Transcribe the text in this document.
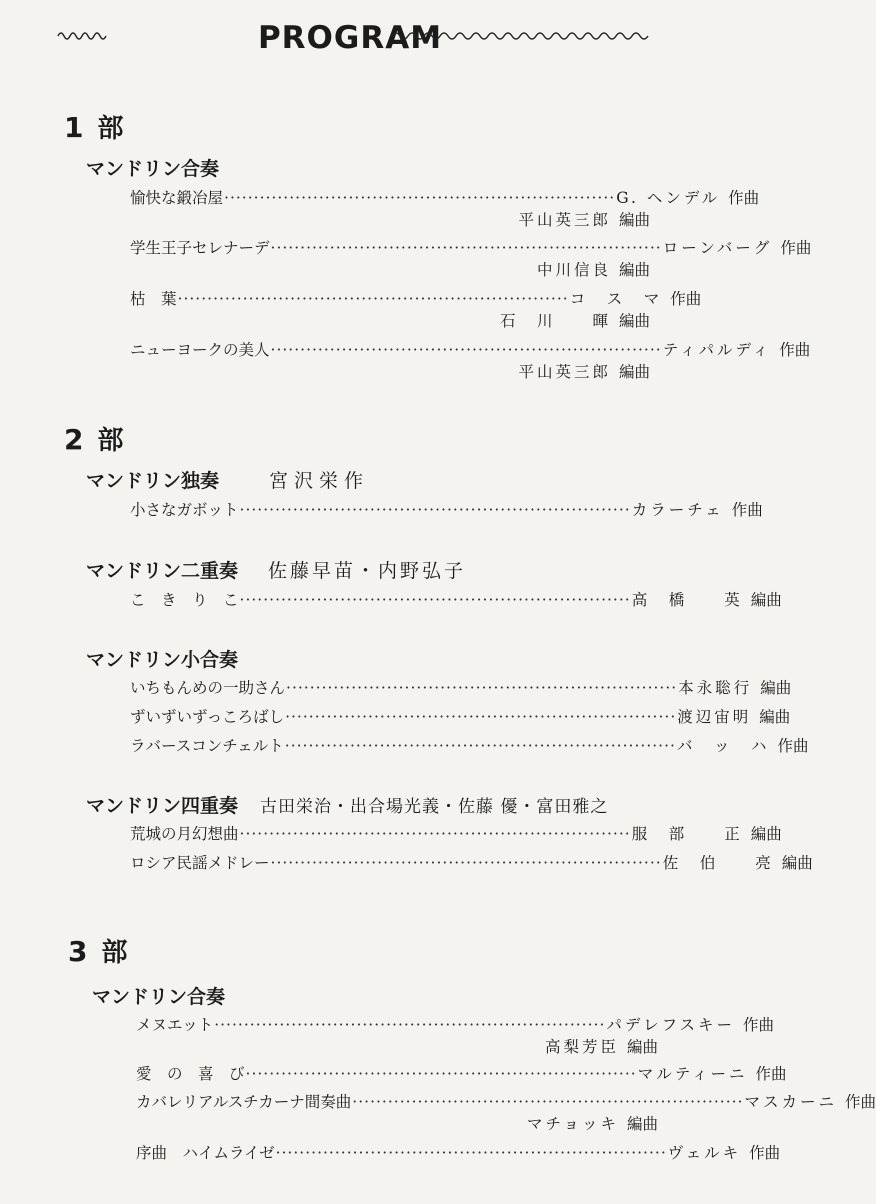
PROGRAM
1 部
マンドリン合奏
愉快な鍛冶屋 ·································································· G. ヘンデル 作曲
平山英三郎 編曲
学生王子セレナーデ ·································································· ローンバーグ 作曲
中川信良 編曲
枯　葉 ·································································· コ　ス　マ 作曲
石　川　　暉 編曲
ニューヨークの美人 ·································································· ティパルディ 作曲
平山英三郎 編曲
2 部
マンドリン独奏	宮沢栄作
小さなガボット ·································································· カラーチェ 作曲
マンドリン二重奏 佐藤早苗・内野弘子
こ　き　り　こ ·································································· 高　橋　　英 編曲
マンドリン小合奏
いちもんめの一助さん ·································································· 本永聡行 編曲
ずいずいずっころばし ·································································· 渡辺宙明 編曲
ラバースコンチェルト ·································································· バ　ッ　ハ 作曲
マンドリン四重奏 古田栄治・出合場光義・佐藤 優・富田雅之
荒城の月幻想曲 ·································································· 服　部　　正 編曲
ロシア民謡メドレー ·································································· 佐　伯　　亮 編曲
3 部
マンドリン合奏
メヌエット ·································································· パデレフスキー 作曲
高梨芳臣 編曲
愛　の　喜　び ·································································· マルティーニ 作曲
カバレリアルスチカーナ間奏曲 ·································································· マスカーニ 作曲
マチョッキ 編曲
序曲　ハイムライゼ ·································································· ヴェルキ 作曲
